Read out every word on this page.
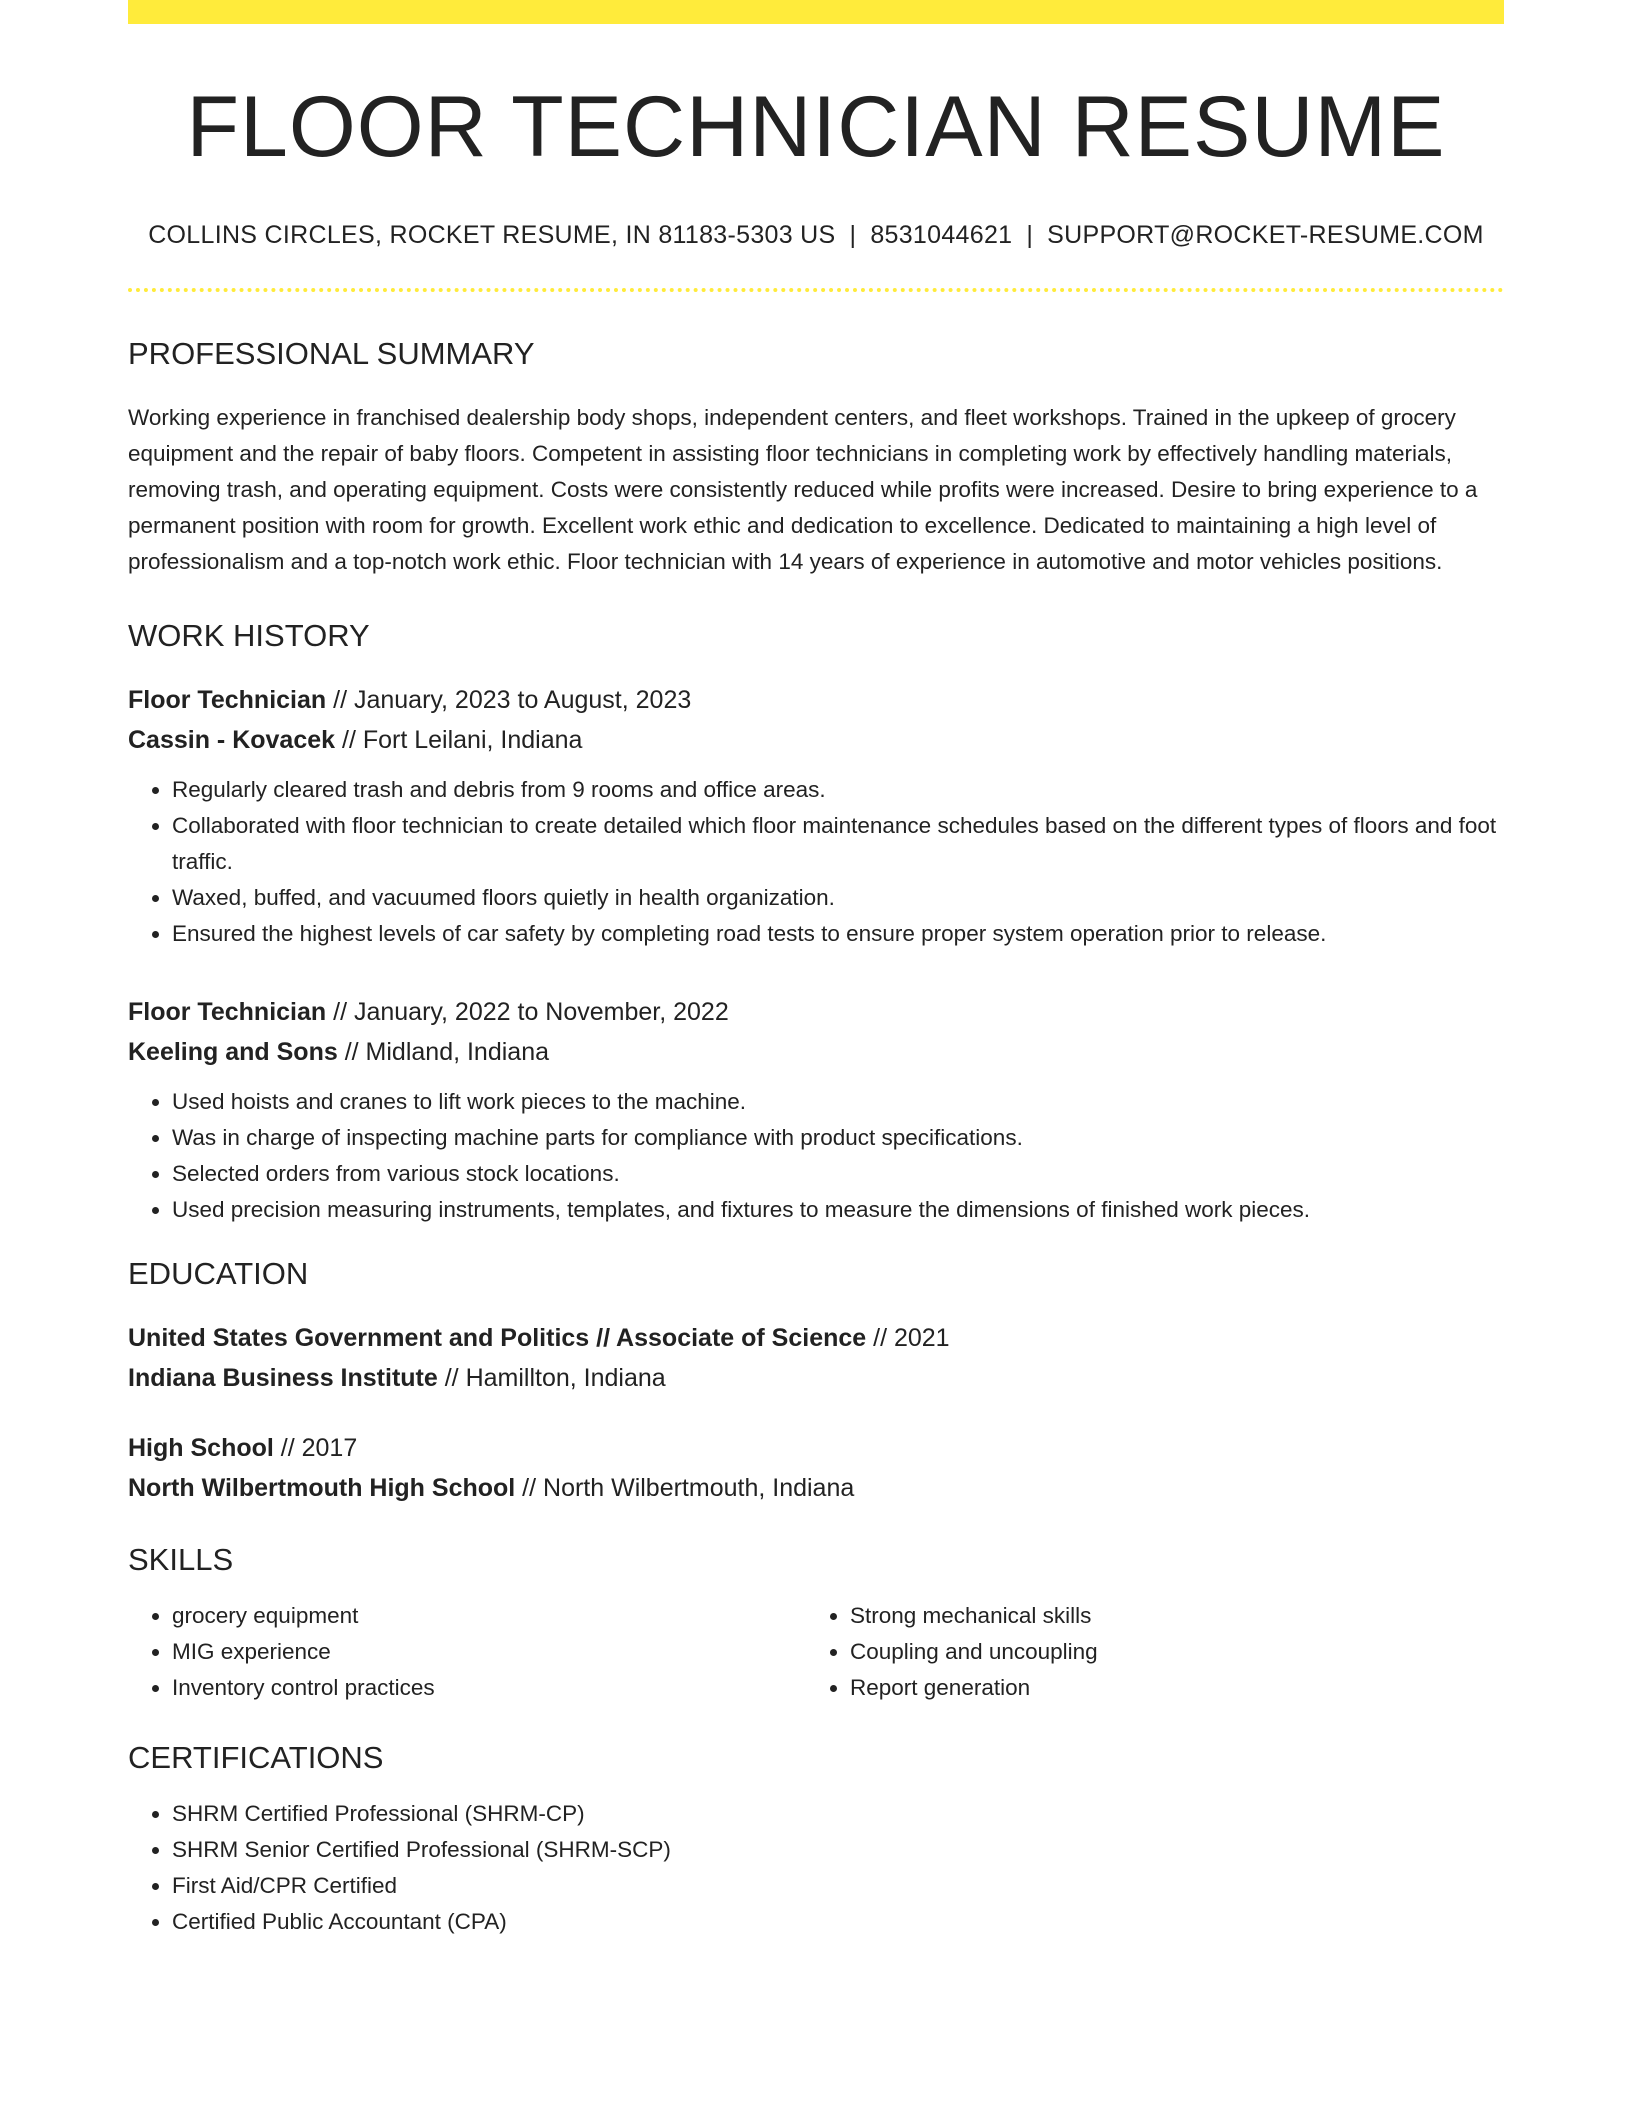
FLOOR TECHNICIAN RESUME
COLLINS CIRCLES, ROCKET RESUME, IN 81183-5303 US | 8531044621 | SUPPORT@ROCKET-RESUME.COM
PROFESSIONAL SUMMARY
Working experience in franchised dealership body shops, independent centers, and fleet workshops. Trained in the upkeep of grocery equipment and the repair of baby floors. Competent in assisting floor technicians in completing work by effectively handling materials, removing trash, and operating equipment. Costs were consistently reduced while profits were increased. Desire to bring experience to a permanent position with room for growth. Excellent work ethic and dedication to excellence. Dedicated to maintaining a high level of professionalism and a top-notch work ethic. Floor technician with 14 years of experience in automotive and motor vehicles positions.
WORK HISTORY
Floor Technician // January, 2023 to August, 2023
Cassin - Kovacek // Fort Leilani, Indiana
• Regularly cleared trash and debris from 9 rooms and office areas.
• Collaborated with floor technician to create detailed which floor maintenance schedules based on the different types of floors and foot traffic.
• Waxed, buffed, and vacuumed floors quietly in health organization.
• Ensured the highest levels of car safety by completing road tests to ensure proper system operation prior to release.
Floor Technician // January, 2022 to November, 2022
Keeling and Sons // Midland, Indiana
• Used hoists and cranes to lift work pieces to the machine.
• Was in charge of inspecting machine parts for compliance with product specifications.
• Selected orders from various stock locations.
• Used precision measuring instruments, templates, and fixtures to measure the dimensions of finished work pieces.
EDUCATION
United States Government and Politics // Associate of Science // 2021
Indiana Business Institute // Hamillton, Indiana
High School // 2017
North Wilbertmouth High School // North Wilbertmouth, Indiana
SKILLS
• grocery equipment
• MIG experience
• Inventory control practices
• Strong mechanical skills
• Coupling and uncoupling
• Report generation
CERTIFICATIONS
• SHRM Certified Professional (SHRM-CP)
• SHRM Senior Certified Professional (SHRM-SCP)
• First Aid/CPR Certified
• Certified Public Accountant (CPA)
